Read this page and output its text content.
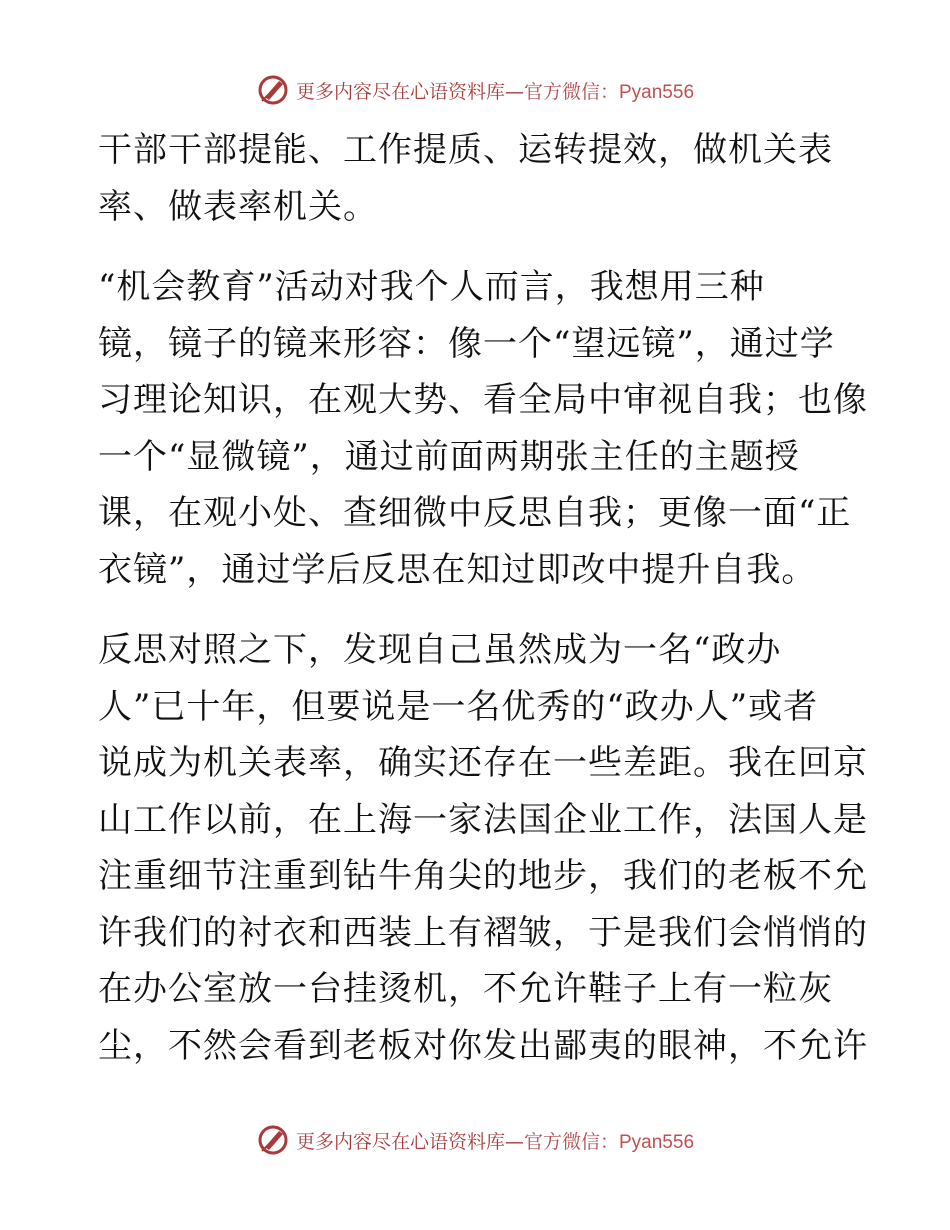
更多内容尽在心语资料库—官方微信：Pyan556
干部干部提能、工作提质、运转提效，做机关表
率、做表率机关。
“机会教育”活动对我个人而言，我想用三种
镜，镜子的镜来形容：像一个“望远镜”，通过学
习理论知识，在观大势、看全局中审视自我；也像
一个“显微镜”，通过前面两期张主任的主题授
课，在观小处、查细微中反思自我；更像一面“正
衣镜”，通过学后反思在知过即改中提升自我。
反思对照之下，发现自己虽然成为一名“政办
人”已十年，但要说是一名优秀的“政办人”或者
说成为机关表率，确实还存在一些差距。我在回京
山工作以前，在上海一家法国企业工作，法国人是
注重细节注重到钻牛角尖的地步，我们的老板不允
许我们的衬衣和西装上有褶皱，于是我们会悄悄的
在办公室放一台挂烫机，不允许鞋子上有一粒灰
尘，不然会看到老板对你发出鄙夷的眼神，不允许
更多内容尽在心语资料库—官方微信：Pyan556
